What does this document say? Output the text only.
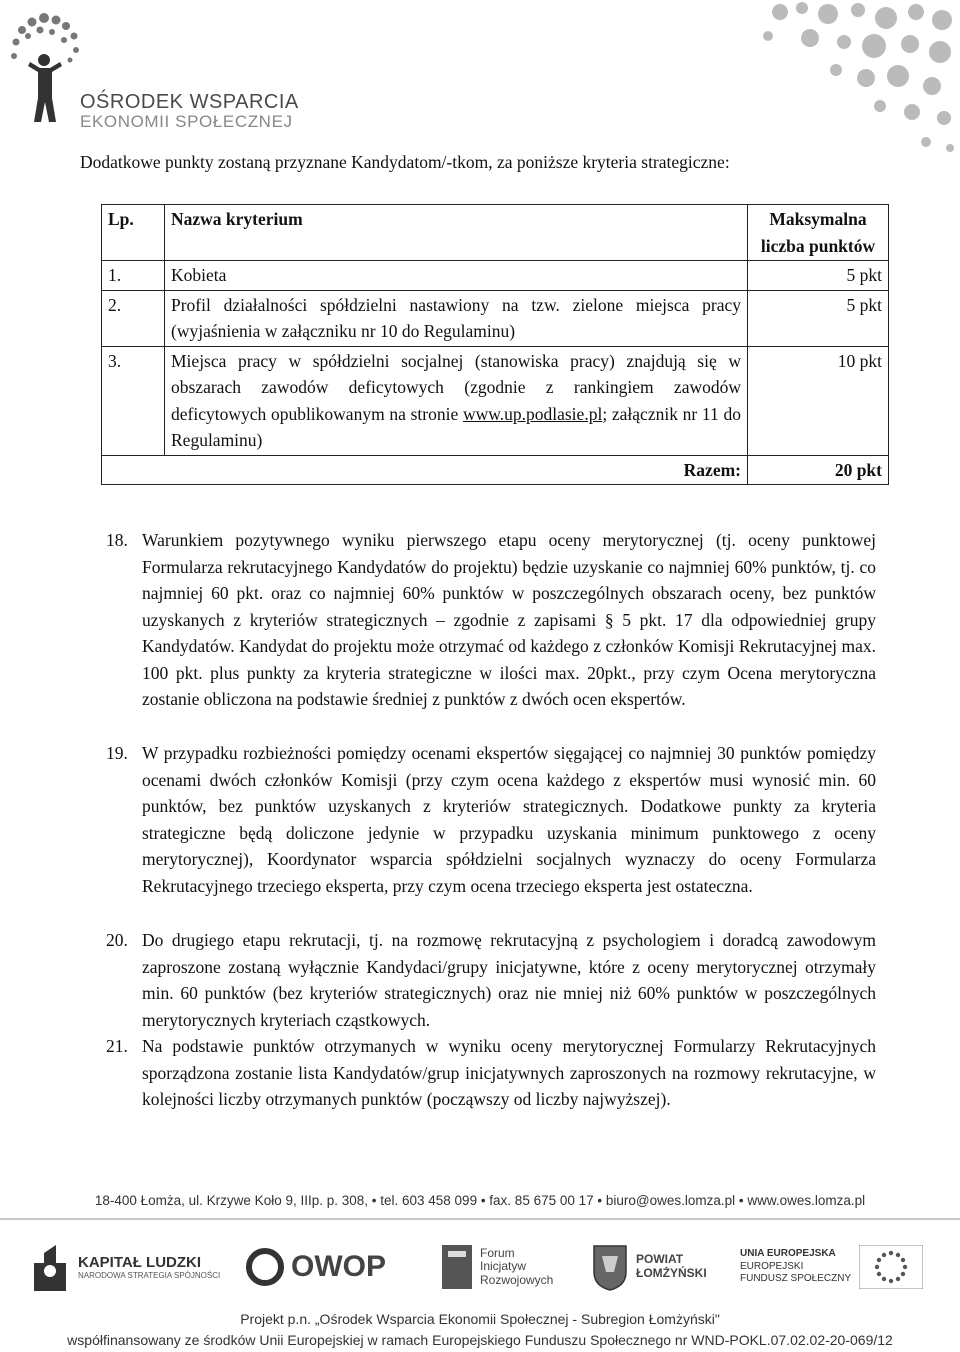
OŚRODEK WSPARCIA
EKONOMII SPOŁECZNEJ
Dodatkowe punkty zostaną przyznane Kandydatom/-tkom, za poniższe kryteria strategiczne:
Lp.	Nazwa kryterium	Maksymalna liczba punktów
1.	Kobieta	5 pkt
2.	Profil działalności spółdzielni nastawiony na tzw. zielone miejsca pracy (wyjaśnienia w załączniku nr 10 do Regulaminu)	5 pkt
3.	Miejsca pracy w spółdzielni socjalnej (stanowiska pracy) znajdują się w obszarach zawodów deficytowych (zgodnie z rankingiem zawodów deficytowych opublikowanym na stronie www.up.podlasie.pl; załącznik nr 11 do Regulaminu)	10 pkt
Razem:		20 pkt
18. Warunkiem pozytywnego wyniku pierwszego etapu oceny merytorycznej (tj. oceny punktowej Formularza rekrutacyjnego Kandydatów do projektu) będzie uzyskanie co najmniej 60% punktów, tj. co najmniej 60 pkt. oraz co najmniej 60% punktów w poszczególnych obszarach oceny, bez punktów uzyskanych z kryteriów strategicznych – zgodnie z zapisami § 5 pkt. 17 dla odpowiedniej grupy Kandydatów. Kandydat do projektu może otrzymać od każdego z członków Komisji Rekrutacyjnej max. 100 pkt. plus punkty za kryteria strategiczne w ilości max. 20pkt., przy czym Ocena merytoryczna zostanie obliczona na podstawie średniej z punktów z dwóch ocen ekspertów.
19. W przypadku rozbieżności pomiędzy ocenami ekspertów sięgającej co najmniej 30 punktów pomiędzy ocenami dwóch członków Komisji (przy czym ocena każdego z ekspertów musi wynosić min. 60 punktów, bez punktów uzyskanych z kryteriów strategicznych. Dodatkowe punkty za kryteria strategiczne będą doliczone jedynie w przypadku uzyskania minimum punktowego z oceny merytorycznej), Koordynator wsparcia spółdzielni socjalnych wyznaczy do oceny Formularza Rekrutacyjnego trzeciego eksperta, przy czym ocena trzeciego eksperta jest ostateczna.
20. Do drugiego etapu rekrutacji, tj. na rozmowę rekrutacyjną z psychologiem i doradcą zawodowym zaproszone zostaną wyłącznie Kandydaci/grupy inicjatywne, które z oceny merytorycznej otrzymały min. 60 punktów (bez kryteriów strategicznych) oraz nie mniej niż 60% punktów w poszczególnych merytorycznych kryteriach cząstkowych.
21. Na podstawie punktów otrzymanych w wyniku oceny merytorycznej Formularzy Rekrutacyjnych sporządzona zostanie lista Kandydatów/grup inicjatywnych zaproszonych na rozmowy rekrutacyjne, w kolejności liczby otrzymanych punktów (począwszy od liczby najwyższej).
18-400 Łomża, ul. Krzywe Koło 9, IIIp. p. 308, • tel. 603 458 099 • fax. 85 675 00 17 • biuro@owes.lomza.pl • www.owes.lomza.pl
KAPITAŁ LUDZKI
NARODOWA STRATEGIA SPÓJNOŚCI OWOP	Forum
Inicjatyw
Rozwojowych
POWIAT
ŁOMŻYŃSKI
UNIA EUROPEJSKA
EUROPEJSKI
FUNDUSZ SPOŁECZNY
Projekt p.n. „Ośrodek Wsparcia Ekonomii Społecznej - Subregion Łomżyński"
współfinansowany ze środków Unii Europejskiej w ramach Europejskiego Funduszu Społecznego nr WND-POKL.07.02.02-20-069/12
